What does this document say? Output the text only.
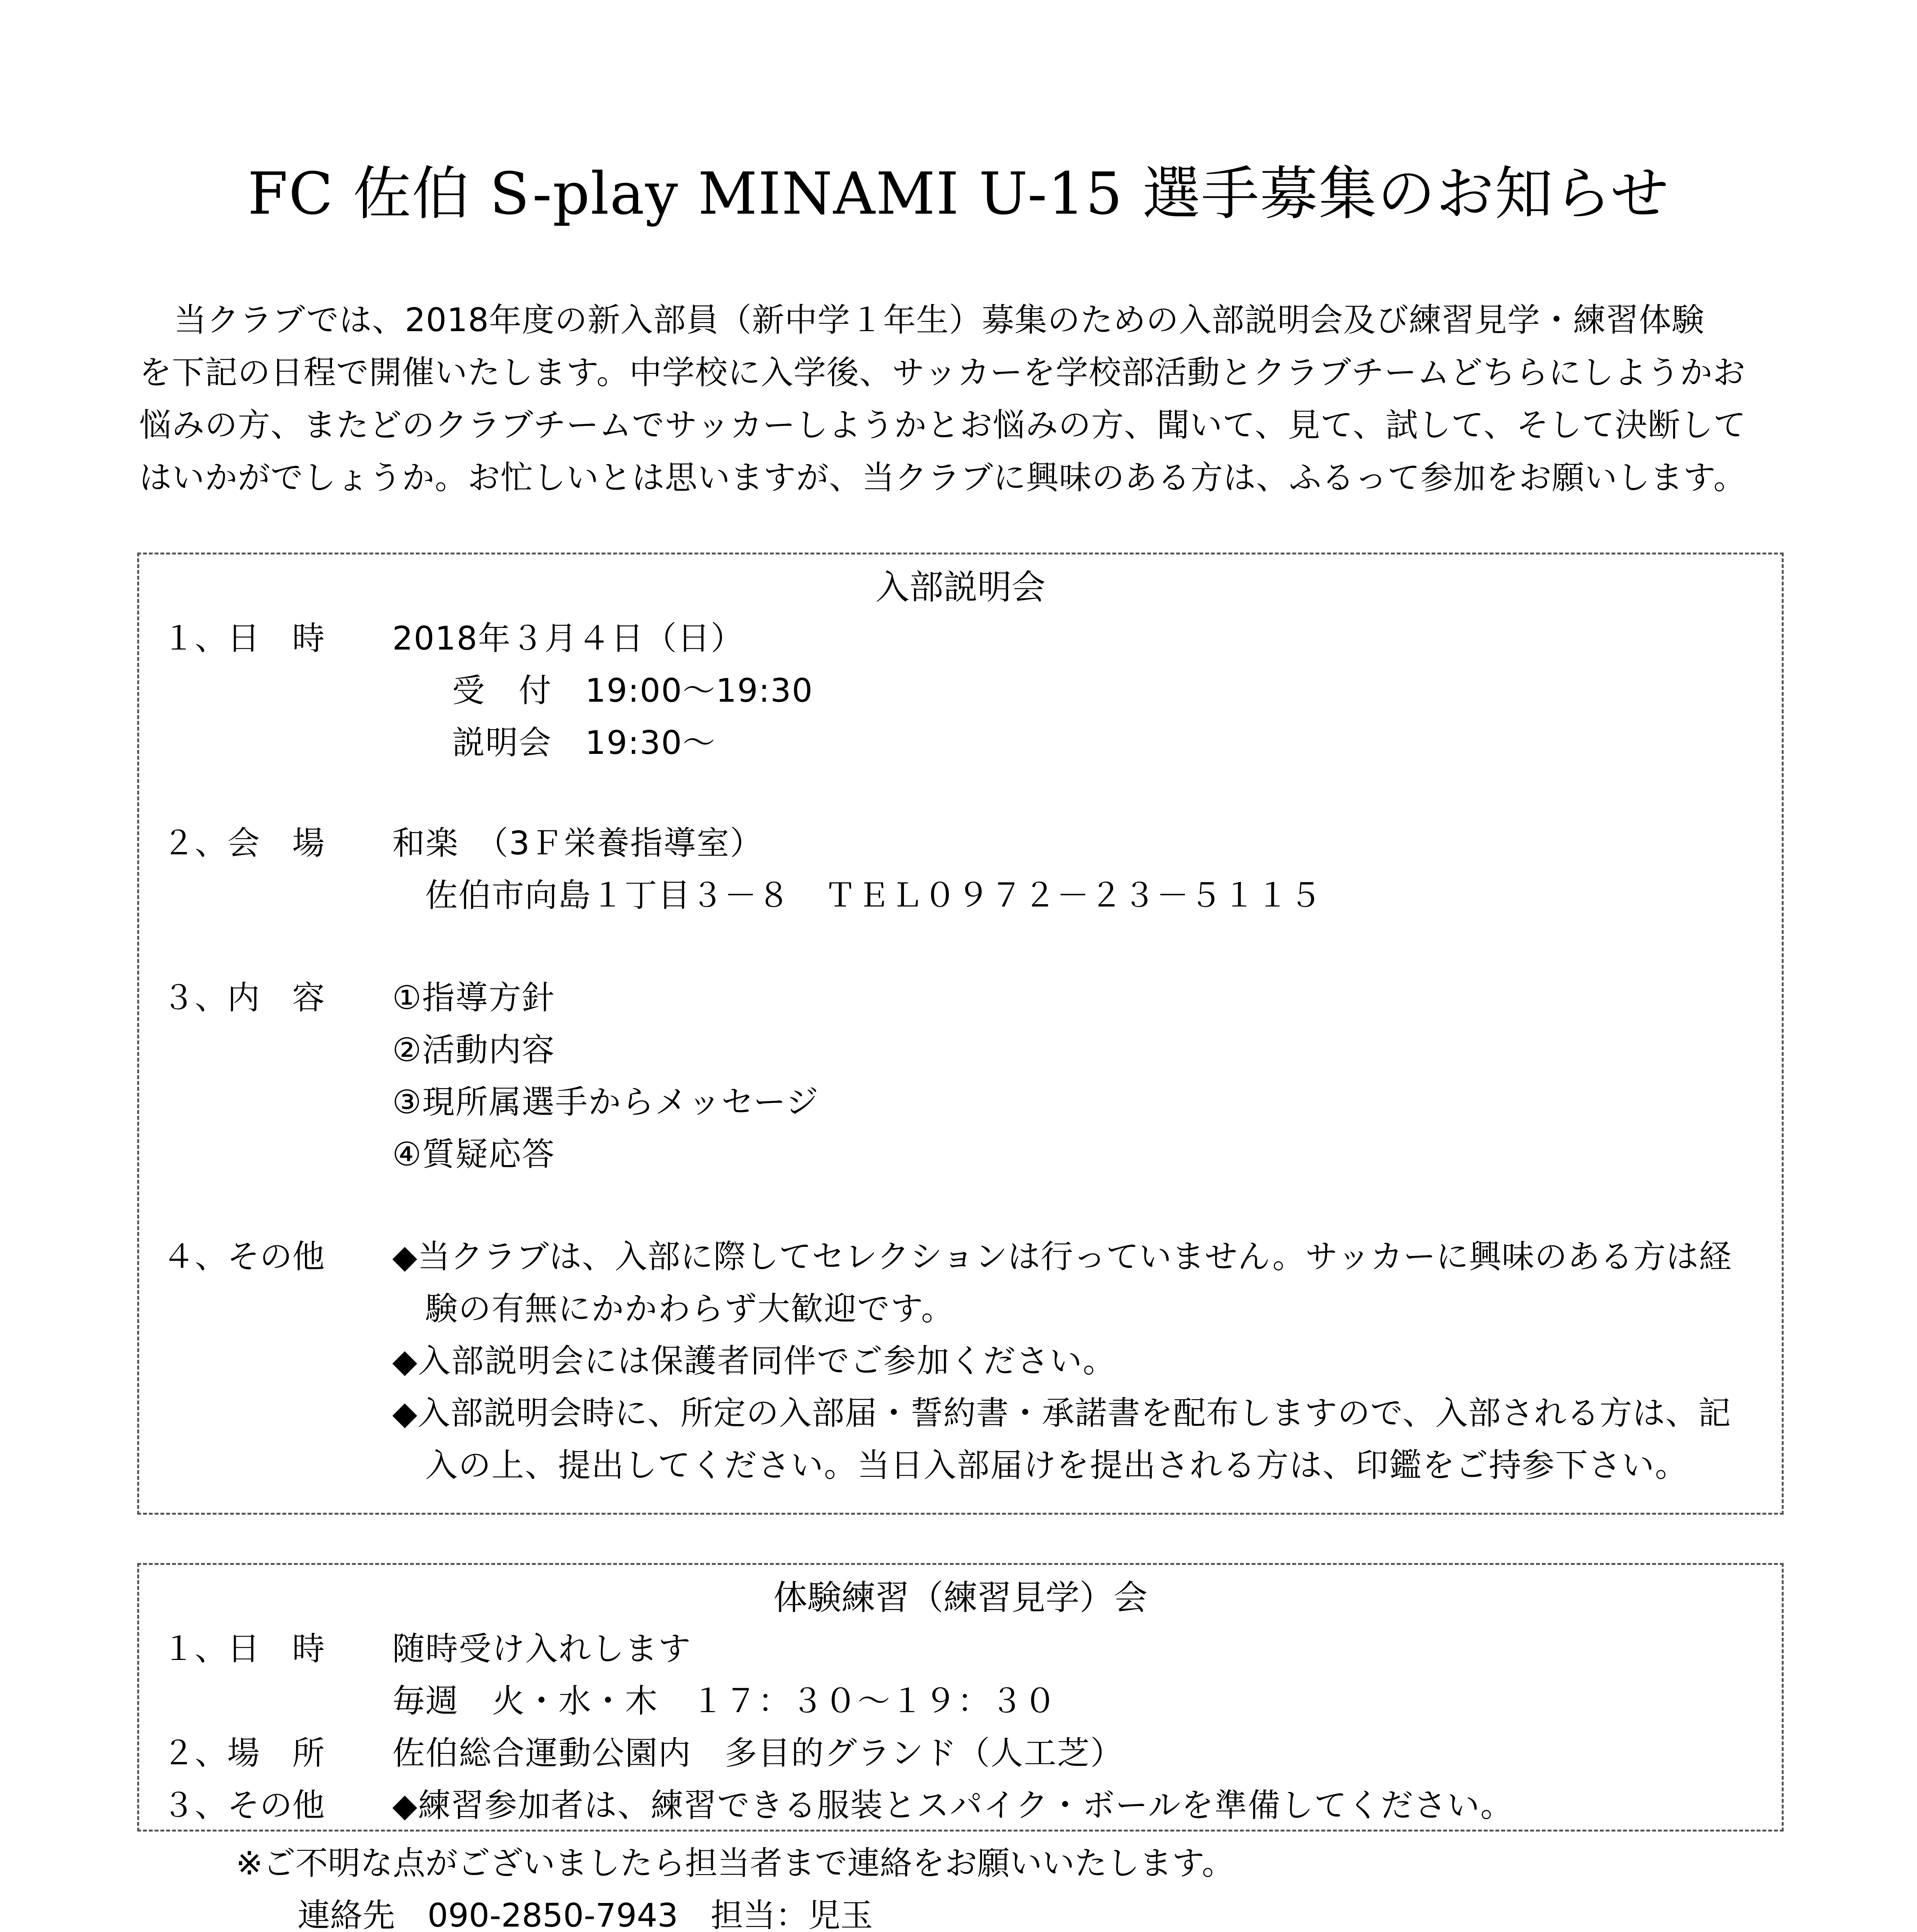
FC 佐伯 S-play MINAMI U-15 選手募集のお知らせ
当クラブでは、2018年度の新入部員（新中学１年生）募集のための入部説明会及び練習見学・練習体験
を下記の日程で開催いたします。中学校に入学後、サッカーを学校部活動とクラブチームどちらにしようかお
悩みの方、またどのクラブチームでサッカーしようかとお悩みの方、聞いて、見て、試して、そして決断して
はいかがでしょうか。お忙しいとは思いますが、当クラブに興味のある方は、ふるって参加をお願いします。
入部説明会
１、日　時 2018年３月４日（日）
受　付　19:00～19:30
説明会　19:30～
２、会　場 和楽　（3Ｆ栄養指導室）
佐伯市向島１丁目３－８　ＴＥＬ０９７２－２３－５１１５
３、内　容 ①指導方針
②活動内容
③現所属選手からメッセージ
④質疑応答
４、その他 ◆当クラブは、入部に際してセレクションは行っていません。サッカーに興味のある方は経
験の有無にかかわらず大歓迎です。
◆入部説明会には保護者同伴でご参加ください。
◆入部説明会時に、所定の入部届・誓約書・承諾書を配布しますので、入部される方は、記
入の上、提出してください。当日入部届けを提出される方は、印鑑をご持参下さい。
体験練習（練習見学）会
１、日　時 随時受け入れします
毎週　火・水・木　１７：３０～１９：３０
２、場　所 佐伯総合運動公園内　多目的グランド（人工芝）
３、その他 ◆練習参加者は、練習できる服装とスパイク・ボールを準備してください。
※ご不明な点がございましたら担当者まで連絡をお願いいたします。
連絡先　090-2850-7943　担当：児玉
